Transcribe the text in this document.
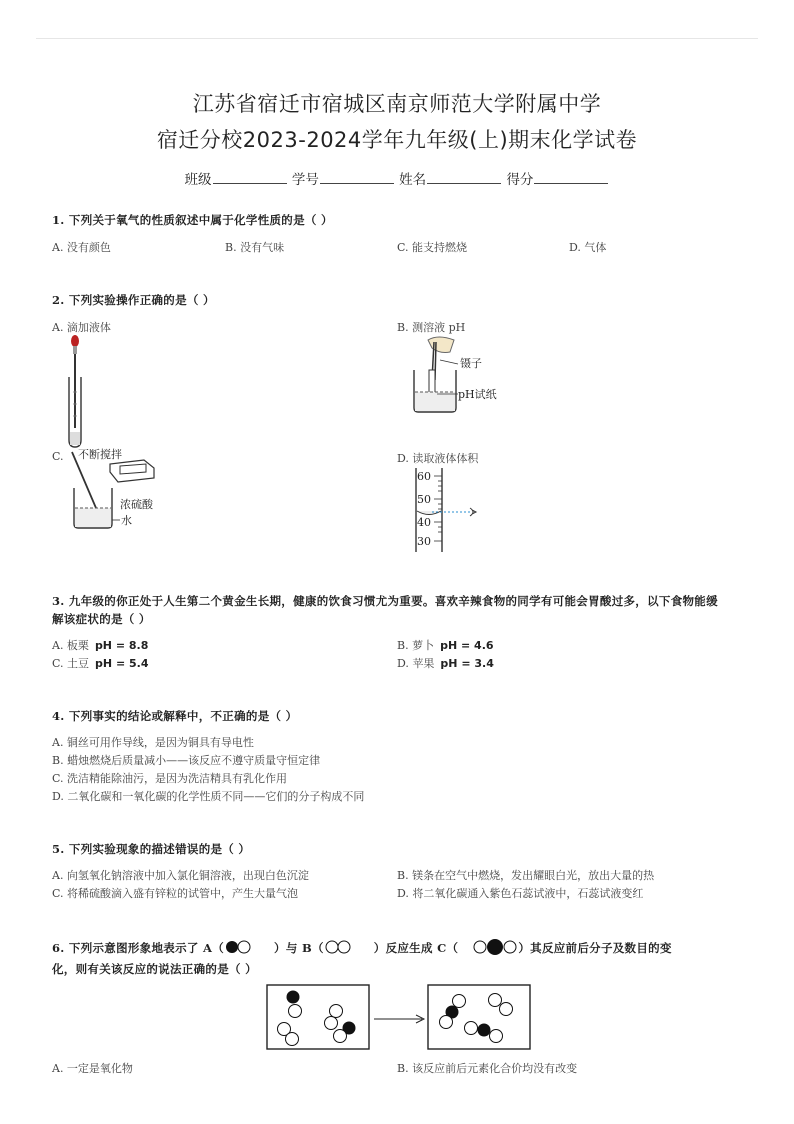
江苏省宿迁市宿城区南京师范大学附属中学
宿迁分校2023-2024学年九年级(上)期末化学试卷
班级	学号	姓名	得分
1. 下列关于氧气的性质叙述中属于化学性质的是（ ）
A. 没有颜色	B. 没有气味	C. 能支持燃烧	D. 气体
2. 下列实验操作正确的是（ ）
A. 滴加液体	B. 测溶液 pH
C.	D. 读取液体体积
镊子
pH试纸
不断搅拌
浓硫酸
水
60
50
40
30
3. 九年级的你正处于人生第二个黄金生长期，健康的饮食习惯尤为重要。喜欢辛辣食物的同学有可能会胃酸过多，以下食物能缓
解该症状的是（ ）
A. 板栗 pH = 8.8	B. 萝卜 pH = 4.6
C. 土豆 pH = 5.4	D. 苹果 pH = 3.4
4. 下列事实的结论或解释中，不正确的是（ ）
A. 铜丝可用作导线，是因为铜具有导电性
B. 蜡烛燃烧后质量减小——该反应不遵守质量守恒定律
C. 洗洁精能除油污，是因为洗洁精具有乳化作用
D. 二氧化碳和一氧化碳的化学性质不同——它们的分子构成不同
5. 下列实验现象的描述错误的是（ ）
A. 向氢氧化钠溶液中加入氯化铜溶液，出现白色沉淀	B. 镁条在空气中燃烧，发出耀眼白光，放出大量的热
C. 将稀硫酸滴入盛有锌粒的试管中，产生大量气泡	D. 将二氧化碳通入紫色石蕊试液中，石蕊试液变红
6. 下列示意图形象地表示了 A（	）与 B（	）反应生成 C（	）其反应前后分子及数目的变
化，则有关该反应的说法正确的是（ ）
A. 一定是氧化物	B. 该反应前后元素化合价均没有改变
